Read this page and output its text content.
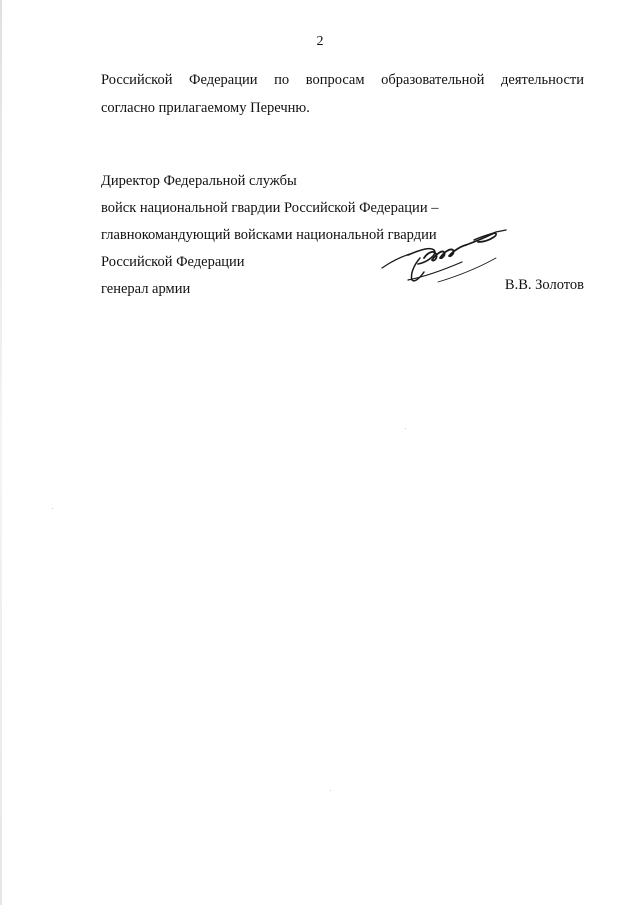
2
Российской Федерации по вопросам образовательной деятельности
согласно прилагаемому Перечню.
Директор Федеральной службы
войск национальной гвардии Российской Федерации –
главнокомандующий войсками национальной гвардии
Российской Федерации
генерал армии	В.В. Золотов
